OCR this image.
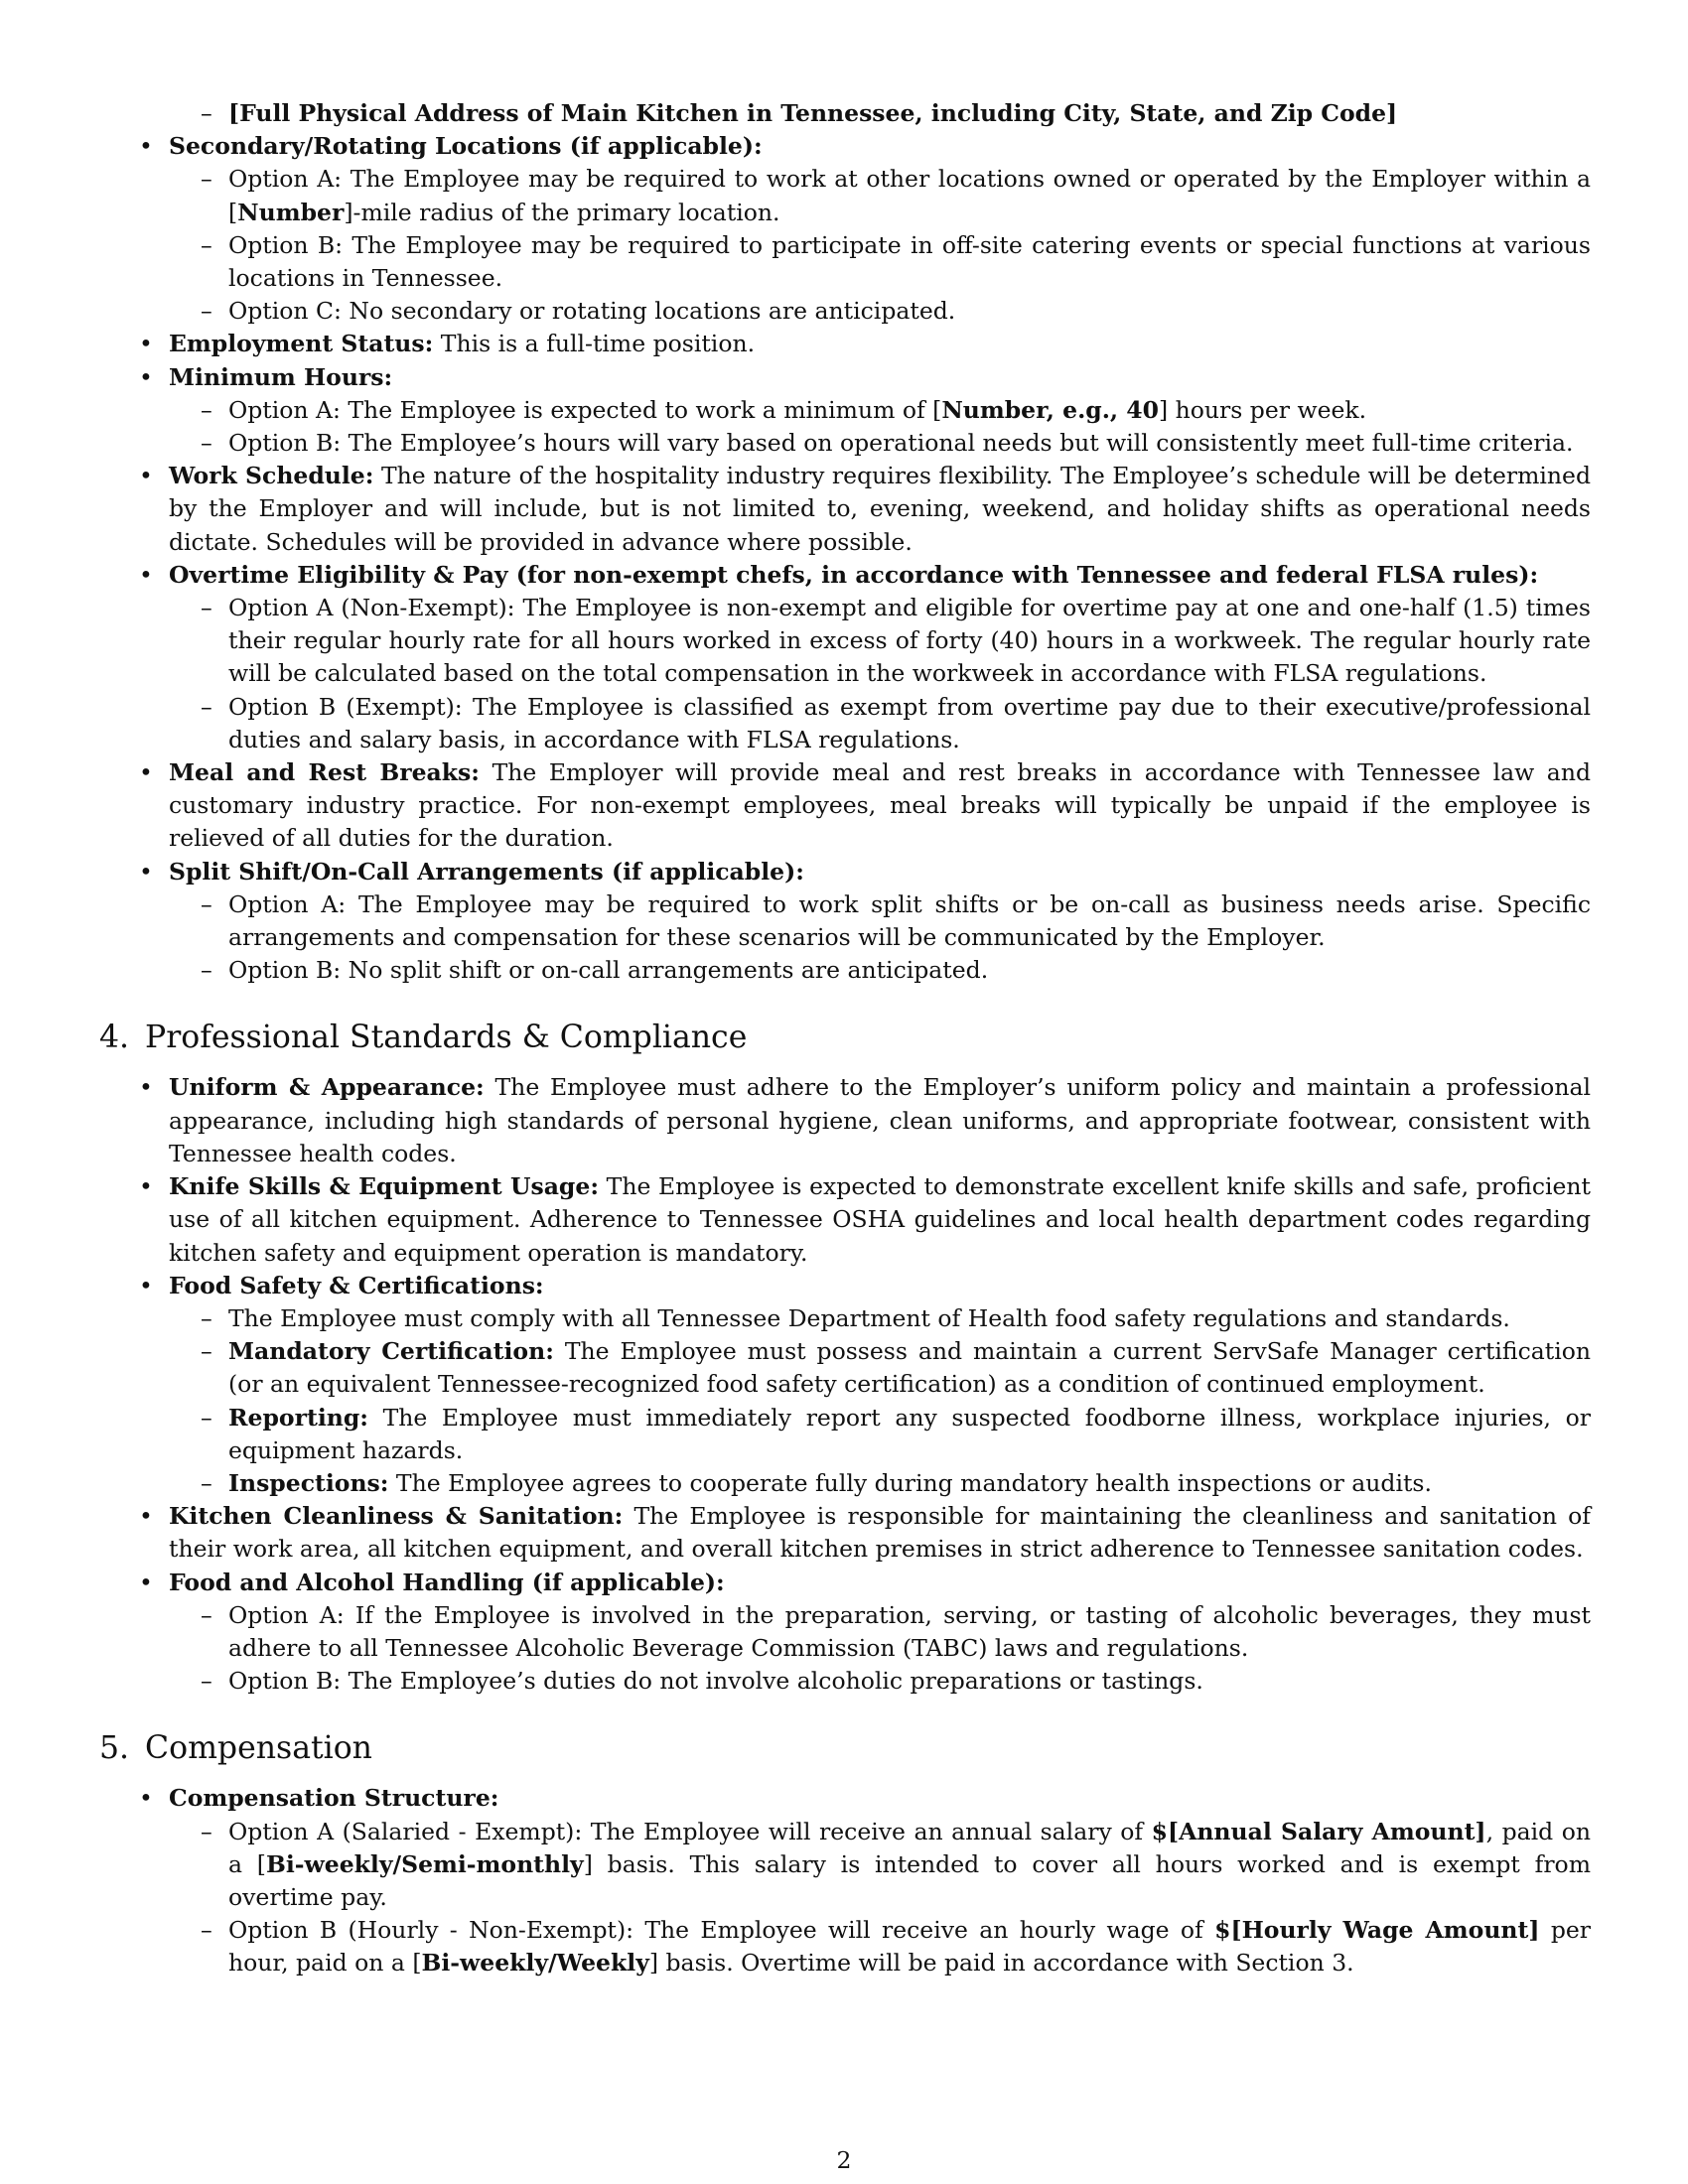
– [Full Physical Address of Main Kitchen in Tennessee, including City, State, and Zip Code]
• Secondary/Rotating Locations (if applicable):
– Option A: The Employee may be required to work at other locations owned or operated by the Employer within a [Number]-mile radius of the primary location.
– Option B: The Employee may be required to participate in off-site catering events or special functions at various locations in Tennessee.
– Option C: No secondary or rotating locations are anticipated.
• Employment Status: This is a full-time position.
• Minimum Hours:
– Option A: The Employee is expected to work a minimum of [Number, e.g., 40] hours per week.
– Option B: The Employee’s hours will vary based on operational needs but will consistently meet full-time criteria.
• Work Schedule: The nature of the hospitality industry requires flexibility. The Employee’s schedule will be determined by the Employer and will include, but is not limited to, evening, weekend, and holiday shifts as operational needs dictate. Schedules will be provided in advance where possible.
• Overtime Eligibility & Pay (for non-exempt chefs, in accordance with Tennessee and federal FLSA rules):
– Option A (Non-Exempt): The Employee is non-exempt and eligible for overtime pay at one and one-half (1.5) times their regular hourly rate for all hours worked in excess of forty (40) hours in a workweek. The regular hourly rate will be calculated based on the total compensation in the workweek in accordance with FLSA regulations.
– Option B (Exempt): The Employee is classified as exempt from overtime pay due to their executive/professional duties and salary basis, in accordance with FLSA regulations.
• Meal and Rest Breaks: The Employer will provide meal and rest breaks in accordance with Tennessee law and customary industry practice. For non-exempt employees, meal breaks will typically be unpaid if the employee is relieved of all duties for the duration.
• Split Shift/On-Call Arrangements (if applicable):
– Option A: The Employee may be required to work split shifts or be on-call as business needs arise. Specific arrangements and compensation for these scenarios will be communicated by the Employer.
– Option B: No split shift or on-call arrangements are anticipated.
4. Professional Standards & Compliance
• Uniform & Appearance: The Employee must adhere to the Employer’s uniform policy and maintain a professional appearance, including high standards of personal hygiene, clean uniforms, and appropriate footwear, consistent with Tennessee health codes.
• Knife Skills & Equipment Usage: The Employee is expected to demonstrate excellent knife skills and safe, proficient use of all kitchen equipment. Adherence to Tennessee OSHA guidelines and local health department codes regarding kitchen safety and equipment operation is mandatory.
• Food Safety & Certifications:
– The Employee must comply with all Tennessee Department of Health food safety regulations and standards.
– Mandatory Certification: The Employee must possess and maintain a current ServSafe Manager certification (or an equivalent Tennessee-recognized food safety certification) as a condition of continued employment.
– Reporting: The Employee must immediately report any suspected foodborne illness, workplace injuries, or equipment hazards.
– Inspections: The Employee agrees to cooperate fully during mandatory health inspections or audits.
• Kitchen Cleanliness & Sanitation: The Employee is responsible for maintaining the cleanliness and sanitation of their work area, all kitchen equipment, and overall kitchen premises in strict adherence to Tennessee sanitation codes.
• Food and Alcohol Handling (if applicable):
– Option A: If the Employee is involved in the preparation, serving, or tasting of alcoholic beverages, they must adhere to all Tennessee Alcoholic Beverage Commission (TABC) laws and regulations.
– Option B: The Employee’s duties do not involve alcoholic preparations or tastings.
5. Compensation
• Compensation Structure:
– Option A (Salaried - Exempt): The Employee will receive an annual salary of $[Annual Salary Amount], paid on a [Bi-weekly/Semi-monthly] basis. This salary is intended to cover all hours worked and is exempt from overtime pay.
– Option B (Hourly - Non-Exempt): The Employee will receive an hourly wage of $[Hourly Wage Amount] per hour, paid on a [Bi-weekly/Weekly] basis. Overtime will be paid in accordance with Section 3.
2
